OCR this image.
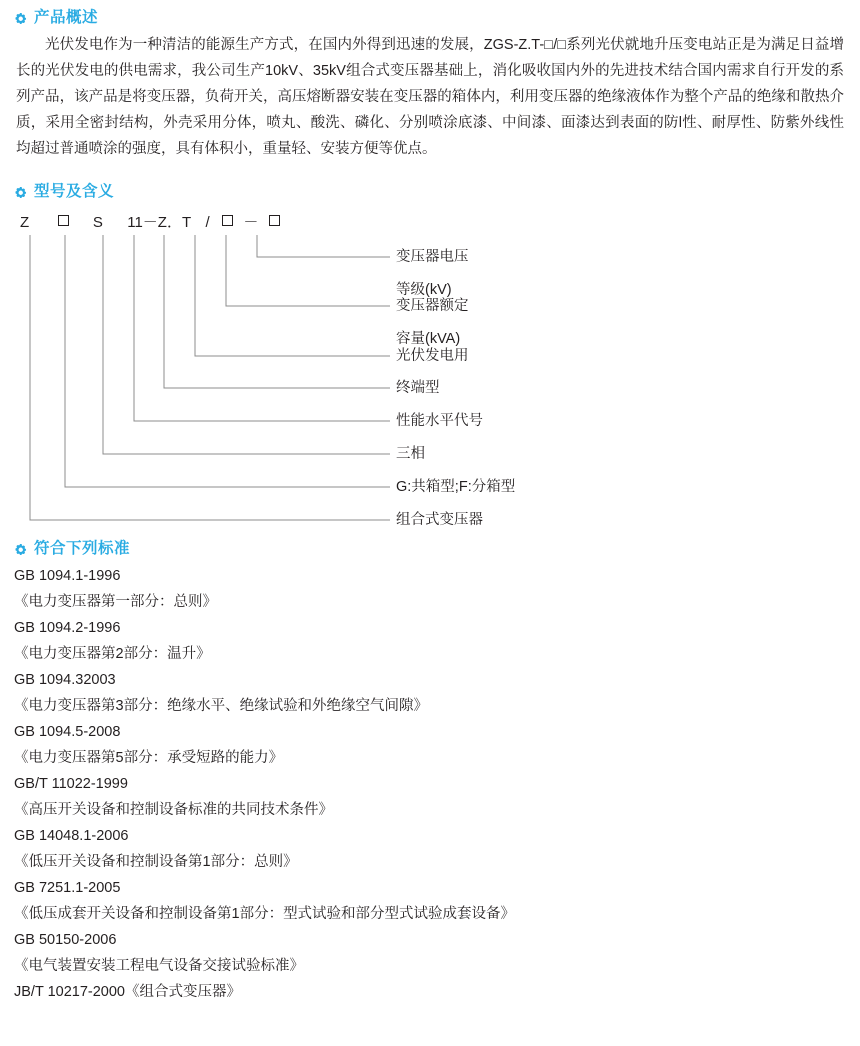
产品概述

光伏发电作为一种清洁的能源生产方式，在国内外得到迅速的发展，ZGS-Z.T-□/□系列光伏就地升压变电站正是为满足日益增长的光伏发电的供电需求，我公司生产10kV、35kV组合式变压器基础上，消化吸收国内外的先进技术结合国内需求自行开发的系列产品，该产品是将变压器，负荷开关，高压熔断器安装在变压器的箱体内，利用变压器的绝缘液体作为整个产品的绝缘和散热介质，采用全密封结构，外壳采用分体，喷丸、酸洗、磷化、分别喷涂底漆、中间漆、面漆达到表面的防l性、耐厚性、防紫外线性均超过普通喷涂的强度，具有体积小，重量轻、安装方便等优点。

型号及含义
Z	S 11－Z．T / －
变压器电压
等级(kV)
变压器额定
容量(kVA)
光伏发电用
终端型
性能水平代号
三相
G:共箱型;F:分箱型
组合式变压器
符合下列标准
GB 1094.1-1996
《电力变压器第一部分：总则》
GB 1094.2-1996
《电力变压器第2部分：温升》
GB 1094.32003
《电力变压器第3部分：绝缘水平、绝缘试验和外绝缘空气间隙》
GB 1094.5-2008
《电力变压器第5部分：承受短路的能力》
GB/T 11022-1999
《高压开关设备和控制设备标准的共同技术条件》
GB 14048.1-2006
《低压开关设备和控制设备第1部分：总则》
GB 7251.1-2005
《低压成套开关设备和控制设备第1部分：型式试验和部分型式试验成套设备》
GB 50150-2006
《电气装置安装工程电气设备交接试验标准》
JB/T 10217-2000《组合式变压器》
